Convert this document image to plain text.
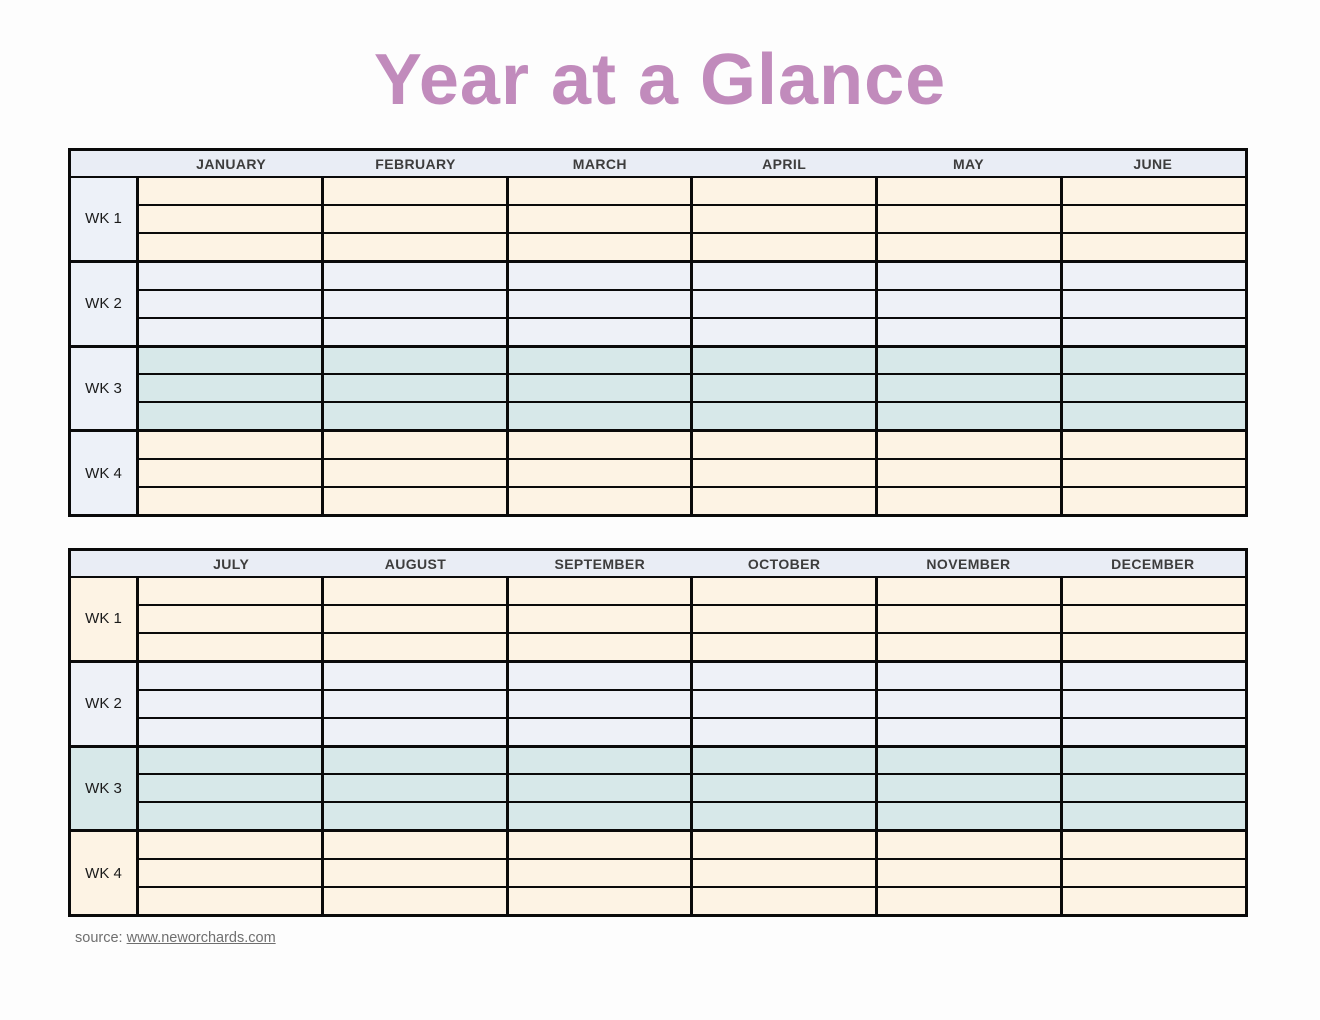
Year at a Glance
JANUARY	FEBRUARY	MARCH	APRIL	MAY	JUNE
WK 1
WK 2
WK 3
WK 4
JULY	AUGUST	SEPTEMBER	OCTOBER	NOVEMBER	DECEMBER
WK 1
WK 2
WK 3
WK 4
source: www.neworchards.com
